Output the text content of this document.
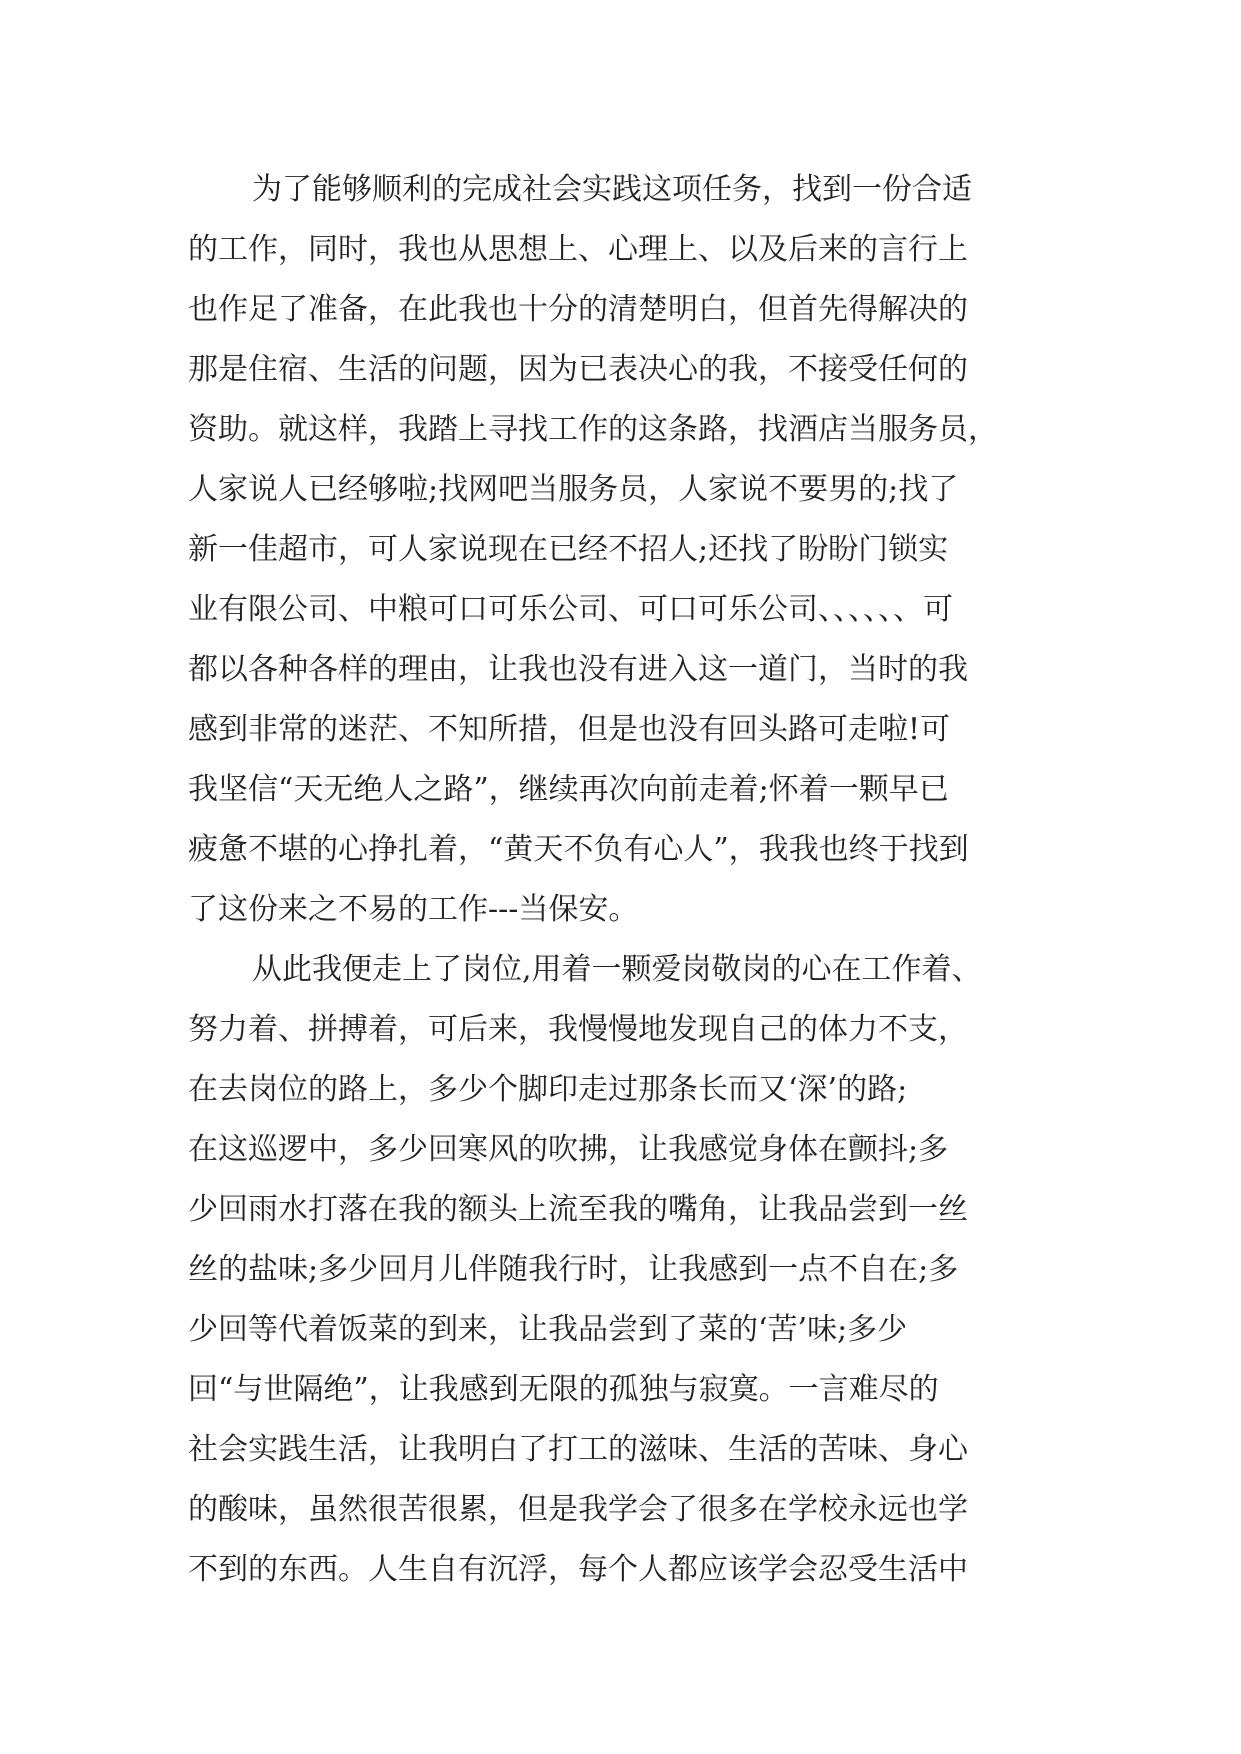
为了能够顺利的完成社会实践这项任务，找到一份合适
的工作，同时，我也从思想上、心理上、以及后来的言行上
也作足了准备，在此我也十分的清楚明白，但首先得解决的
那是住宿、生活的问题，因为已表决心的我，不接受任何的
资助。就这样，我踏上寻找工作的这条路，找酒店当服务员，
人家说人已经够啦;找网吧当服务员，人家说不要男的;找了
新一佳超市，可人家说现在已经不招人;还找了盼盼门锁实
业有限公司、中粮可口可乐公司、可口可乐公司、、、、、、可
都以各种各样的理由，让我也没有进入这一道门，当时的我
感到非常的迷茫、不知所措，但是也没有回头路可走啦!可
我坚信“天无绝人之路”，继续再次向前走着;怀着一颗早已
疲惫不堪的心挣扎着，“黄天不负有心人”，我我也终于找到
了这份来之不易的工作---当保安。
从此我便走上了岗位,用着一颗爱岗敬岗的心在工作着、
努力着、拼搏着，可后来，我慢慢地发现自己的体力不支，
在去岗位的路上，多少个脚印走过那条长而又‘深’的路;
在这巡逻中，多少回寒风的吹拂，让我感觉身体在颤抖;多
少回雨水打落在我的额头上流至我的嘴角，让我品尝到一丝
丝的盐味;多少回月儿伴随我行时，让我感到一点不自在;多
少回等代着饭菜的到来，让我品尝到了菜的‘苦’味;多少
回“与世隔绝”，让我感到无限的孤独与寂寞。一言难尽的
社会实践生活，让我明白了打工的滋味、生活的苦味、身心
的酸味，虽然很苦很累，但是我学会了很多在学校永远也学
不到的东西。人生自有沉浮，每个人都应该学会忍受生活中
